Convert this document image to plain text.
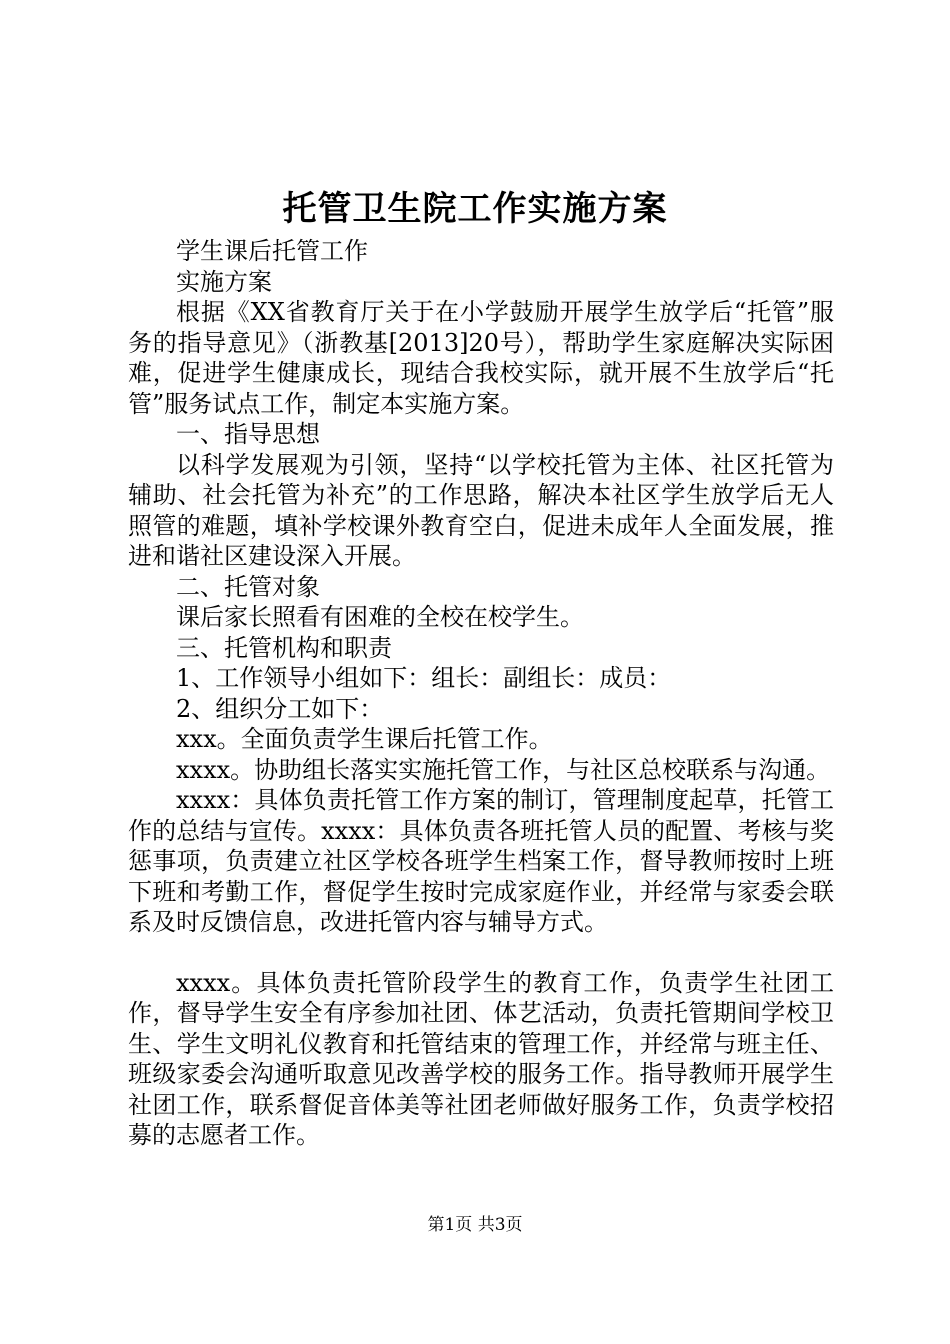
托管卫生院工作实施方案

学生课后托管工作

实施方案

根据《XX省教育厅关于在小学鼓励开展学生放学后“托管”服务的指导意见》（浙教基[2013]20号），帮助学生家庭解决实际困难，促进学生健康成长，现结合我校实际，就开展不生放学后“托管”服务试点工作，制定本实施方案。

一、指导思想

以科学发展观为引领，坚持“以学校托管为主体、社区托管为辅助、社会托管为补充”的工作思路，解决本社区学生放学后无人照管的难题，填补学校课外教育空白，促进未成年人全面发展，推进和谐社区建设深入开展。

二、托管对象

课后家长照看有困难的全校在校学生。

三、托管机构和职责

1、工作领导小组如下：组长：副组长：成员：

2、组织分工如下：

xxx。全面负责学生课后托管工作。

xxxx。协助组长落实实施托管工作，与社区总校联系与沟通。

xxxx：具体负责托管工作方案的制订，管理制度起草，托管工作的总结与宣传。xxxx：具体负责各班托管人员的配置、考核与奖惩事项，负责建立社区学校各班学生档案工作，督导教师按时上班下班和考勤工作，督促学生按时完成家庭作业，并经常与家委会联系及时反馈信息，改进托管内容与辅导方式。

xxxx。具体负责托管阶段学生的教育工作，负责学生社团工作，督导学生安全有序参加社团、体艺活动，负责托管期间学校卫生、学生文明礼仪教育和托管结束的管理工作，并经常与班主任、班级家委会沟通听取意见改善学校的服务工作。指导教师开展学生社团工作，联系督促音体美等社团老师做好服务工作，负责学校招募的志愿者工作。

第1页 共3页
